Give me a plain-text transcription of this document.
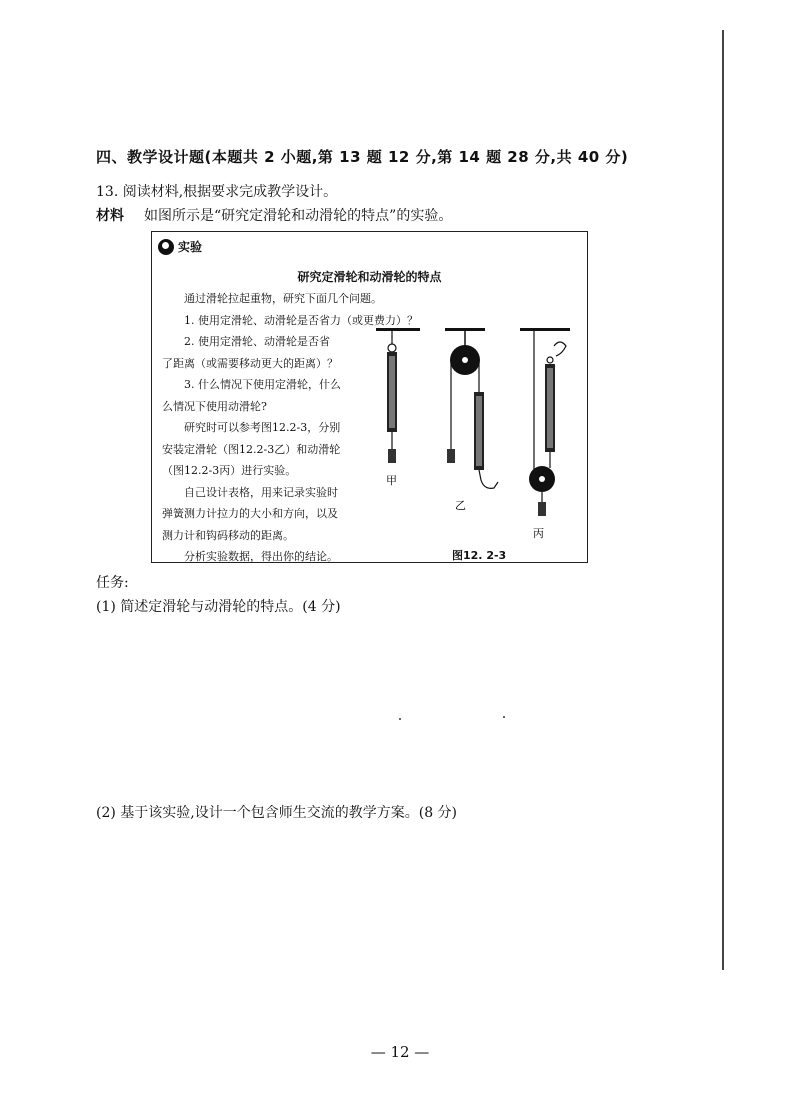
四、教学设计题(本题共 2 小题,第 13 题 12 分,第 14 题 28 分,共 40 分)
13. 阅读材料,根据要求完成教学设计。
材料 如图所示是“研究定滑轮和动滑轮的特点”的实验。
实验
研究定滑轮和动滑轮的特点
　　通过滑轮拉起重物，研究下面几个问题。
　　1. 使用定滑轮、动滑轮是否省力（或更费力）？
　　2. 使用定滑轮、动滑轮是否省
了距离（或需要移动更大的距离）？
　　3. 什么情况下使用定滑轮，什么
么情况下使用动滑轮?
　　研究时可以参考图12.2-3，分别
安装定滑轮（图12.2-3乙）和动滑轮
（图12.2-3丙）进行实验。
　　自己设计表格，用来记录实验时
弹簧测力计拉力的大小和方向，以及
测力计和钩码移动的距离。
　　分析实验数据，得出你的结论。
甲
乙
丙
图12. 2-3
任务:
(1) 简述定滑轮与动滑轮的特点。(4 分)
(2) 基于该实验,设计一个包含师生交流的教学方案。(8 分)
— 12 —
